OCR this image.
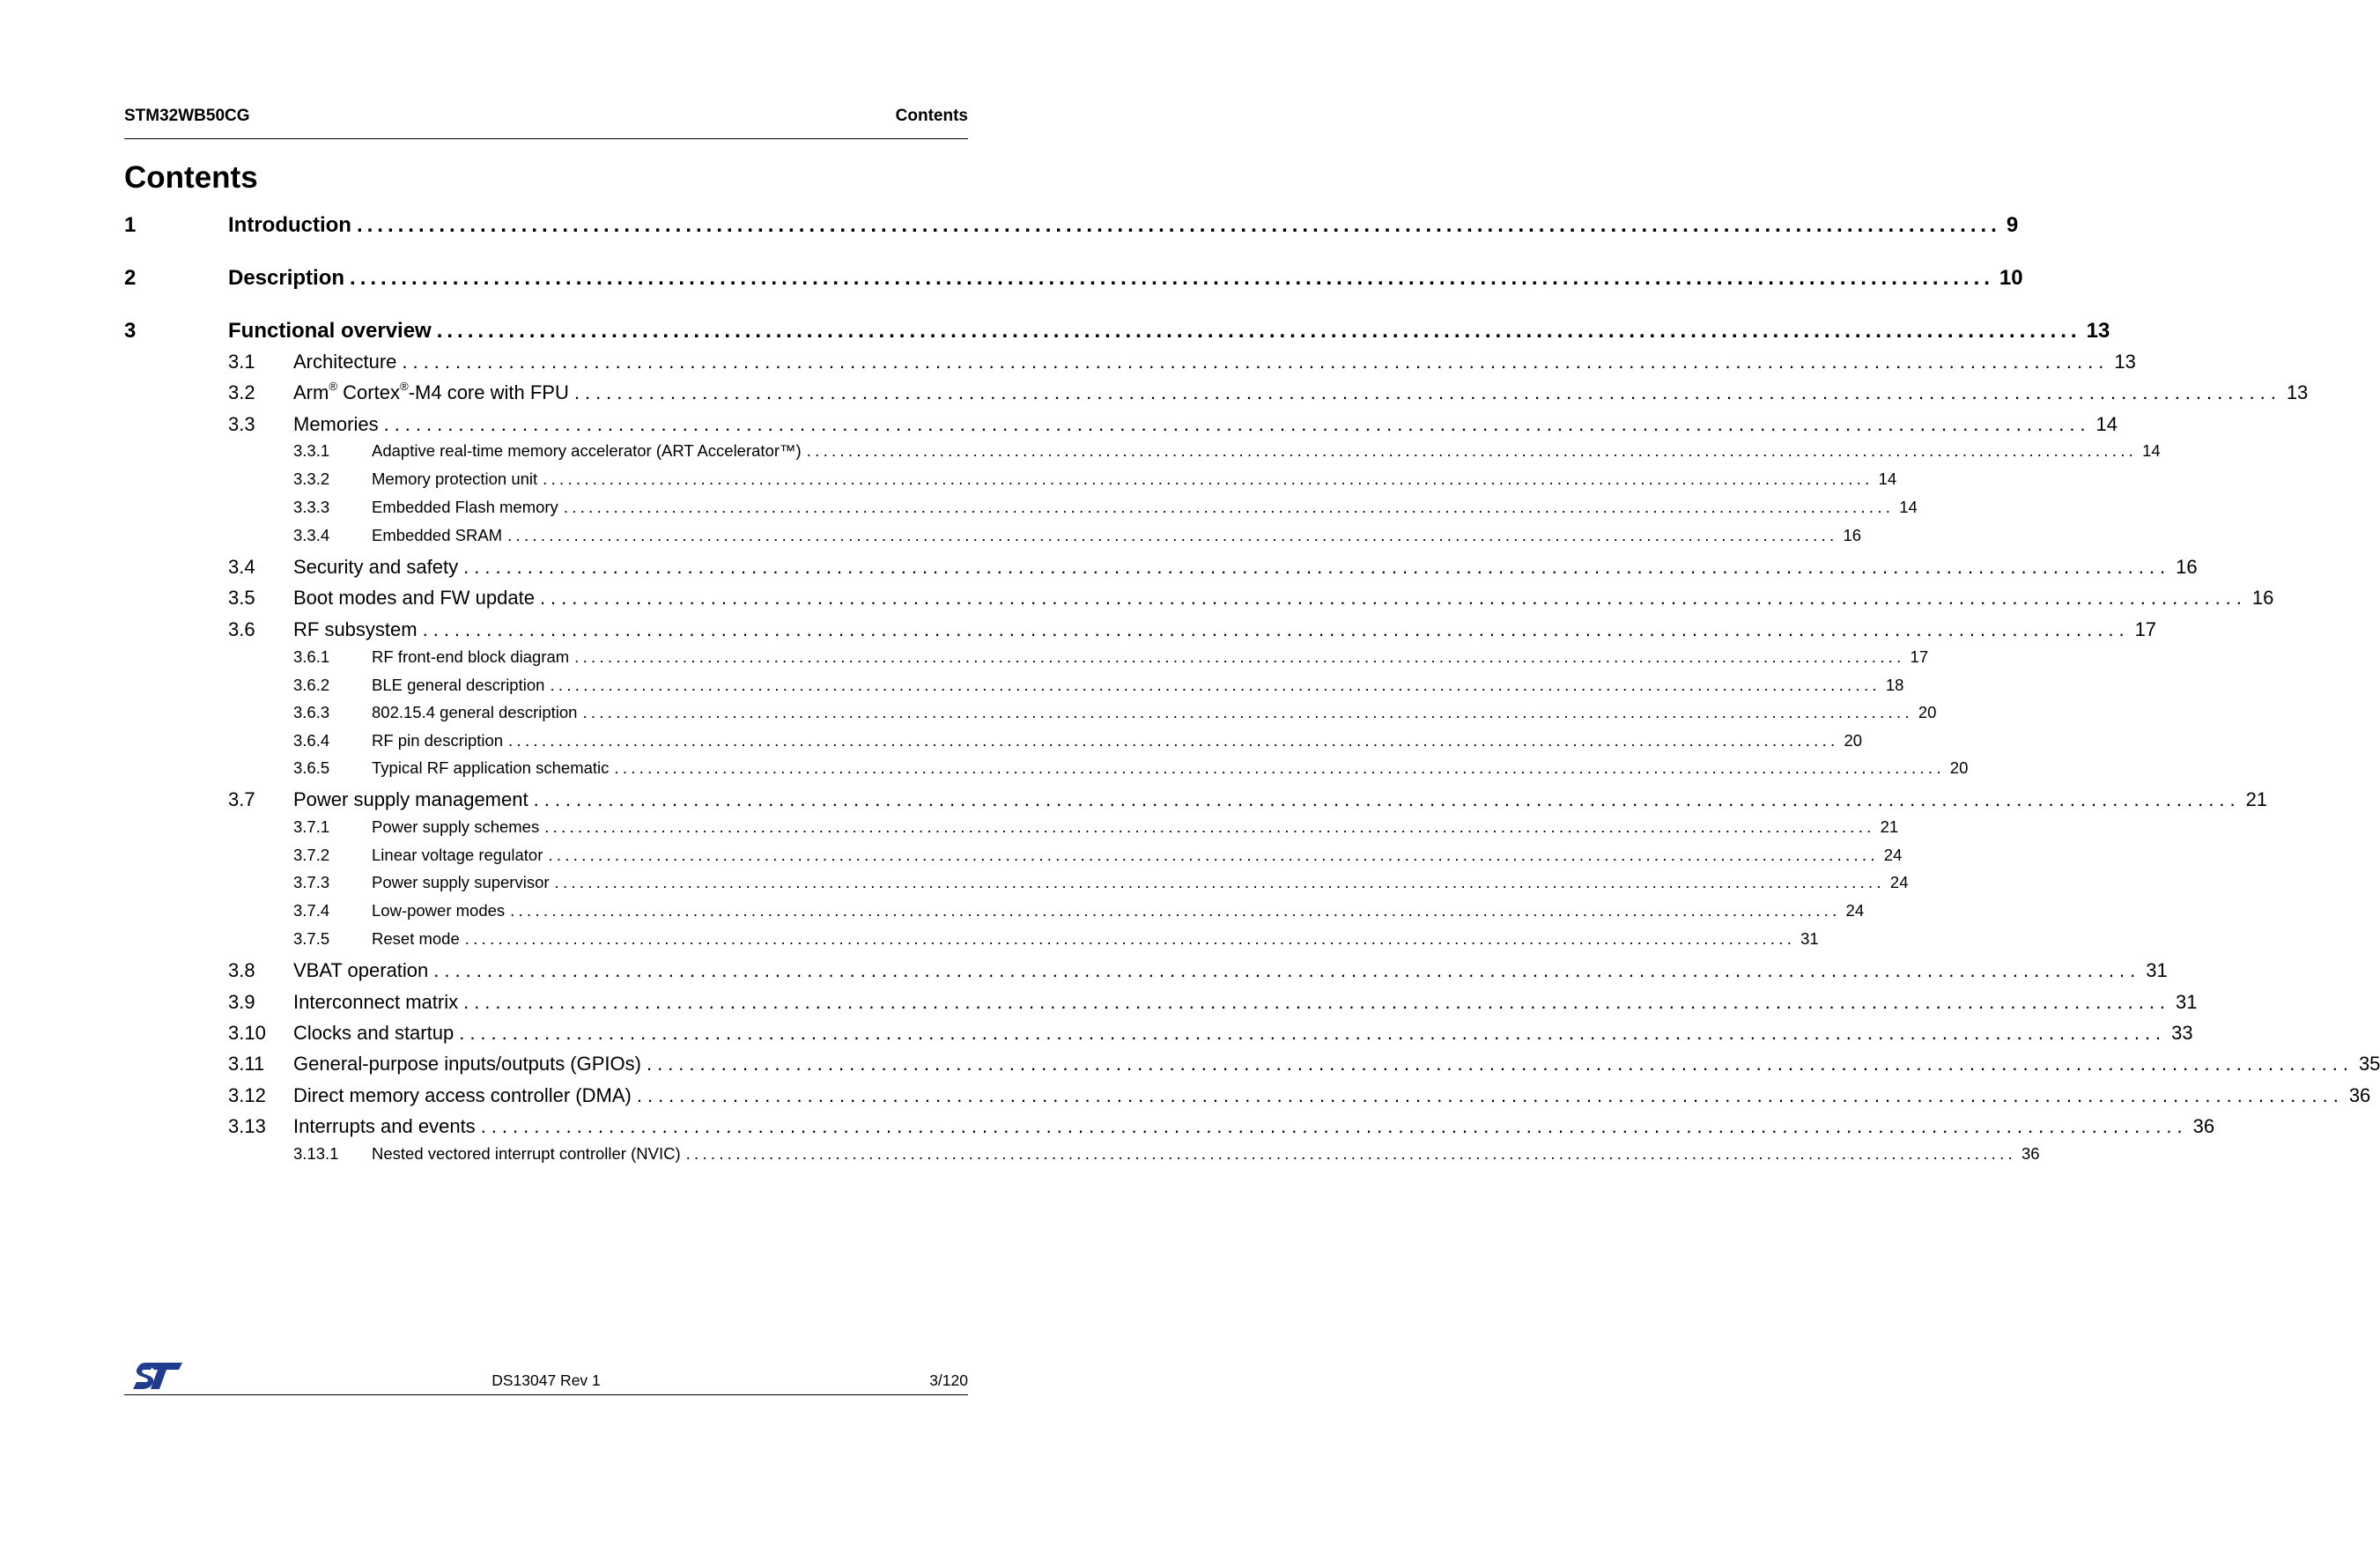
STM32WB50CG	Contents
Contents
1	Introduction ................................................................................................................................................................ 9
2	Description ................................................................................................................................................................ 10
3	Functional overview ................................................................................................................................................................ 13
3.1	Architecture ................................................................................................................................................................ 13
3.2	Arm® Cortex®-M4 core with FPU ................................................................................................................................................................ 13
3.3	Memories ................................................................................................................................................................ 14
3.3.1	Adaptive real-time memory accelerator (ART Accelerator™) ................................................................................................................................................................ 14
3.3.2	Memory protection unit ................................................................................................................................................................ 14
3.3.3	Embedded Flash memory ................................................................................................................................................................ 14
3.3.4	Embedded SRAM ................................................................................................................................................................ 16
3.4	Security and safety ................................................................................................................................................................ 16
3.5	Boot modes and FW update ................................................................................................................................................................ 16
3.6	RF subsystem ................................................................................................................................................................ 17
3.6.1	RF front-end block diagram ................................................................................................................................................................ 17
3.6.2	BLE general description ................................................................................................................................................................ 18
3.6.3	802.15.4 general description ................................................................................................................................................................ 20
3.6.4	RF pin description ................................................................................................................................................................ 20
3.6.5	Typical RF application schematic ................................................................................................................................................................ 20
3.7	Power supply management ................................................................................................................................................................ 21
3.7.1	Power supply schemes ................................................................................................................................................................ 21
3.7.2	Linear voltage regulator ................................................................................................................................................................ 24
3.7.3	Power supply supervisor ................................................................................................................................................................ 24
3.7.4	Low-power modes ................................................................................................................................................................ 24
3.7.5	Reset mode ................................................................................................................................................................ 31
3.8	VBAT operation ................................................................................................................................................................ 31
3.9	Interconnect matrix ................................................................................................................................................................ 31
3.10	Clocks and startup ................................................................................................................................................................ 33
3.11	General-purpose inputs/outputs (GPIOs) ................................................................................................................................................................ 35
3.12	Direct memory access controller (DMA) ................................................................................................................................................................ 36
3.13	Interrupts and events ................................................................................................................................................................ 36
3.13.1	Nested vectored interrupt controller (NVIC) ................................................................................................................................................................ 36
DS13047 Rev 1	3/120
